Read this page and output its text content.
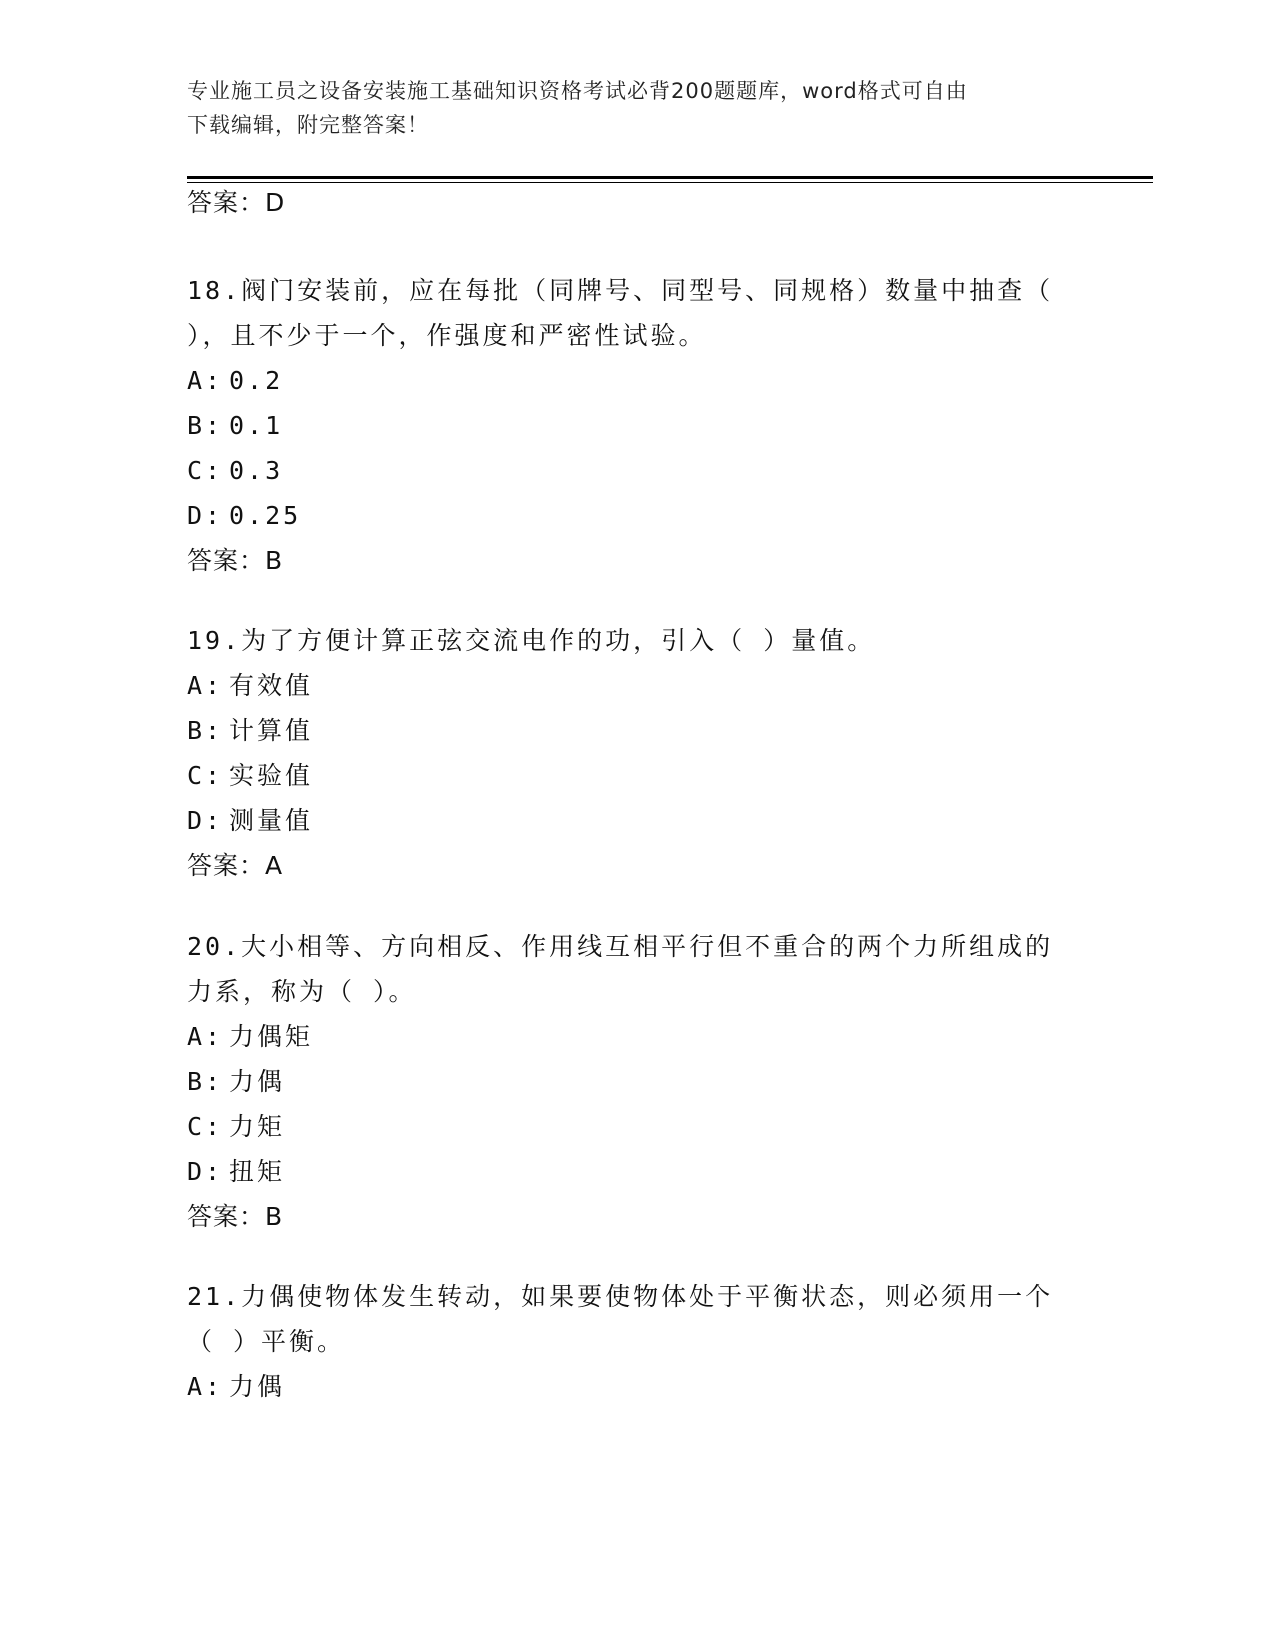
专业施工员之设备安装施工基础知识资格考试必背200题题库，word格式可自由
下载编辑，附完整答案！
答案：D
18.阀门安装前，应在每批（同牌号、同型号、同规格）数量中抽查（
），且不少于一个，作强度和严密性试验。
A: 0.2
B: 0.1
C: 0.3
D: 0.25
答案：B
19.为了方便计算正弦交流电作的功，引入（ ）量值。
A: 有效值
B: 计算值
C: 实验值
D: 测量值
答案：A
20.大小相等、方向相反、作用线互相平行但不重合的两个力所组成的
力系，称为（ ）。
A: 力偶矩
B: 力偶
C: 力矩
D: 扭矩
答案：B
21.力偶使物体发生转动，如果要使物体处于平衡状态，则必须用一个
（ ）平衡。
A: 力偶
